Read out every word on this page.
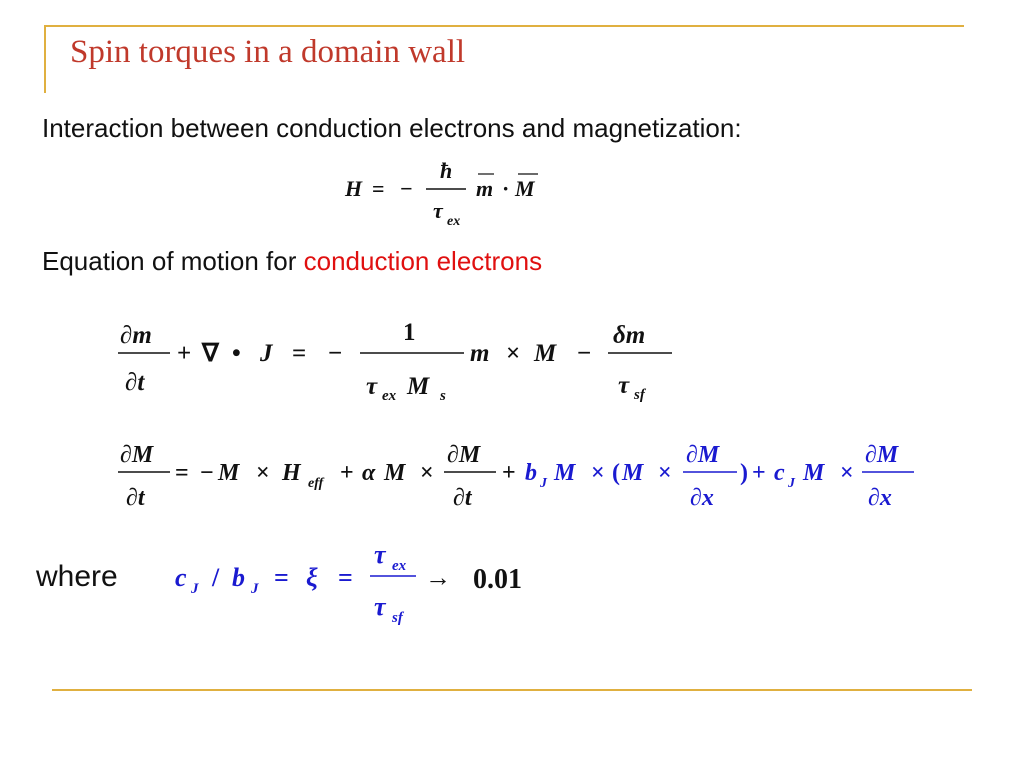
Spin torques in a domain wall
Interaction between conduction electrons and magnetization:
Equation of motion for conduction electrons
where
H = −
ħ
τ ex
m · M
∂m
∂t
+ ∇ • J = −
1
τ ex M s
m × M −
δm
τ sf
∂M
∂t
= − M × H eff + α M ×
∂M
∂t
+ b J M × ( M ×
∂M
∂x
) + c J M ×
∂M
∂x
c J / b J = ξ =
τ ex
τ sf
→ 0.01
